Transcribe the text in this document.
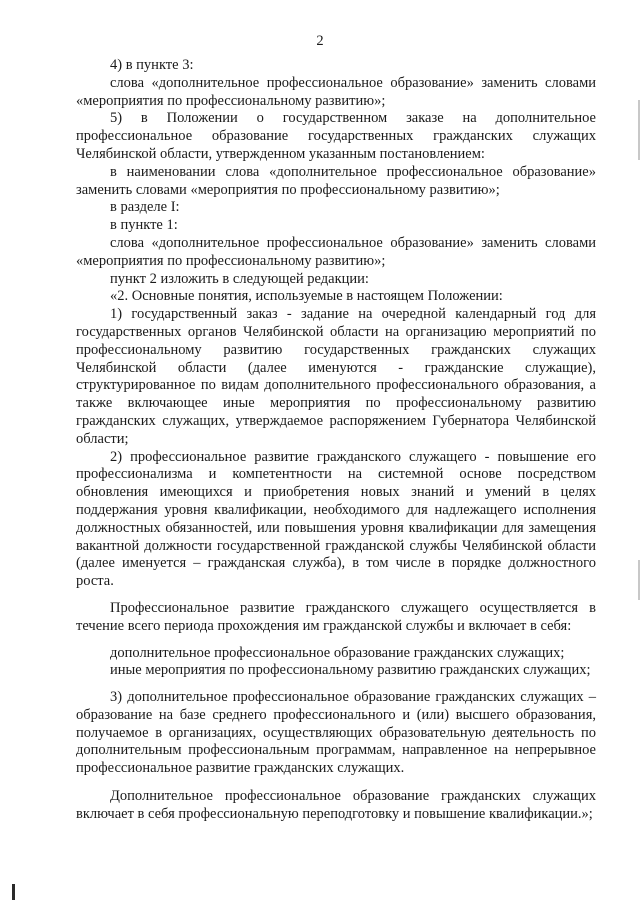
2

4) в пункте 3:

слова «дополнительное профессиональное образование» заменить словами «мероприятия по профессиональному развитию»;

5) в Положении о государственном заказе на дополнительное профессиональное образование государственных гражданских служащих Челябинской области, утвержденном указанным постановлением:

в наименовании слова «дополнительное профессиональное образование» заменить словами «мероприятия по профессиональному развитию»;

в разделе I:

в пункте 1:

слова «дополнительное профессиональное образование» заменить словами «мероприятия по профессиональному развитию»;

пункт 2 изложить в следующей редакции:

«2. Основные понятия, используемые в настоящем Положении:

1) государственный заказ - задание на очередной календарный год для государственных органов Челябинской области на организацию мероприятий по профессиональному развитию государственных гражданских служащих Челябинской области (далее именуются - гражданские служащие), структурированное по видам дополнительного профессионального образования, а также включающее иные мероприятия по профессиональному развитию гражданских служащих, утверждаемое распоряжением Губернатора Челябинской области;

2) профессиональное развитие гражданского служащего - повышение его профессионализма и компетентности на системной основе посредством обновления имеющихся и приобретения новых знаний и умений в целях поддержания уровня квалификации, необходимого для надлежащего исполнения должностных обязанностей, или повышения уровня квалификации для замещения вакантной должности государственной гражданской службы Челябинской области (далее именуется – гражданская служба), в том числе в порядке должностного роста.

Профессиональное развитие гражданского служащего осуществляется в течение всего периода прохождения им гражданской службы и включает в себя:

дополнительное профессиональное образование гражданских служащих;

иные мероприятия по профессиональному развитию гражданских служащих;

3) дополнительное профессиональное образование гражданских служащих – образование на базе среднего профессионального и (или) высшего образования, получаемое в организациях, осуществляющих образовательную деятельность по дополнительным профессиональным программам, направленное на непрерывное профессиональное развитие гражданских служащих.

Дополнительное профессиональное образование гражданских служащих включает в себя профессиональную переподготовку и повышение квалификации.»;
